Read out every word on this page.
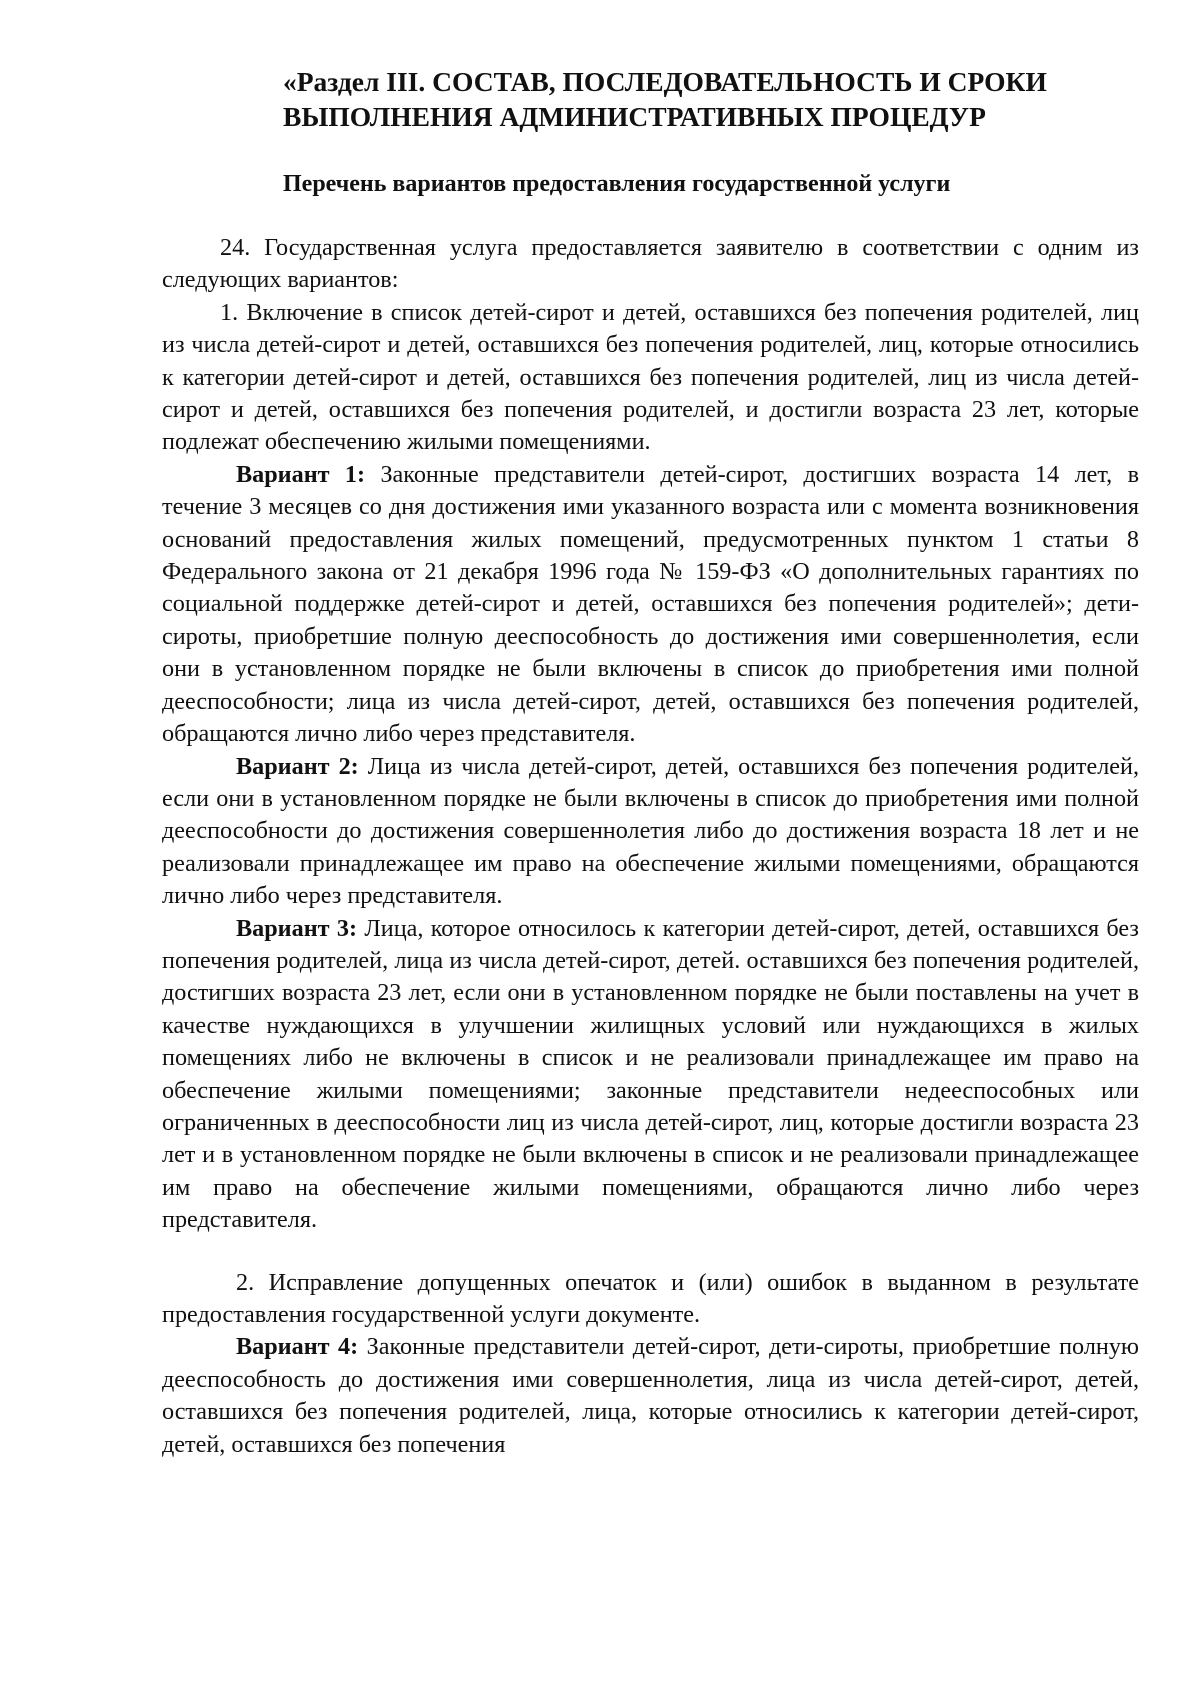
«Раздел III. СОСТАВ, ПОСЛЕДОВАТЕЛЬНОСТЬ И СРОКИ
ВЫПОЛНЕНИЯ АДМИНИСТРАТИВНЫХ ПРОЦЕДУР
Перечень вариантов предоставления государственной услуги

24. Государственная услуга предоставляется заявителю в соответствии с одним из следующих вариантов:

1. Включение в список детей-сирот и детей, оставшихся без попечения родителей, лиц из числа детей-сирот и детей, оставшихся без попечения родителей, лиц, которые относились к категории детей-сирот и детей, оставшихся без попечения родителей, лиц из числа детей-сирот и детей, оставшихся без попечения родителей, и достигли возраста 23 лет, которые подлежат обеспечению жилыми помещениями.

Вариант 1: Законные представители детей-сирот, достигших возраста 14 лет, в течение 3 месяцев со дня достижения ими указанного возраста или с момента возникновения оснований предоставления жилых помещений, предусмотренных пунктом 1 статьи 8 Федерального закона от 21 декабря 1996 года № 159-ФЗ «О дополнительных гарантиях по социальной поддержке детей-сирот и детей, оставшихся без попечения родителей»; дети-сироты, приобретшие полную дееспособность до достижения ими совершеннолетия, если они в установленном порядке не были включены в список до приобретения ими полной дееспособности; лица из числа детей-сирот, детей, оставшихся без попечения родителей, обращаются лично либо через представителя.

Вариант 2: Лица из числа детей-сирот, детей, оставшихся без попечения родителей, если они в установленном порядке не были включены в список до приобретения ими полной дееспособности до достижения совершеннолетия либо до достижения возраста 18 лет и не реализовали принадлежащее им право на обеспечение жилыми помещениями, обращаются лично либо через представителя.

Вариант 3: Лица, которое относилось к категории детей-сирот, детей, оставшихся без попечения родителей, лица из числа детей-сирот, детей. оставшихся без попечения родителей, достигших возраста 23 лет, если они в установленном порядке не были поставлены на учет в качестве нуждающихся в улучшении жилищных условий или нуждающихся в жилых помещениях либо не включены в список и не реализовали принадлежащее им право на обеспечение жилыми помещениями; законные представители недееспособных или ограниченных в дееспособности лиц из числа детей-сирот, лиц, которые достигли возраста 23 лет и в установленном порядке не были включены в список и не реализовали принадлежащее им право на обеспечение жилыми помещениями, обращаются лично либо через представителя.

2. Исправление допущенных опечаток и (или) ошибок в выданном в результате предоставления государственной услуги документе.

Вариант 4: Законные представители детей-сирот, дети-сироты, приобретшие полную дееспособность до достижения ими совершеннолетия, лица из числа детей-сирот, детей, оставшихся без попечения родителей, лица, которые относились к категории детей-сирот, детей, оставшихся без попечения
